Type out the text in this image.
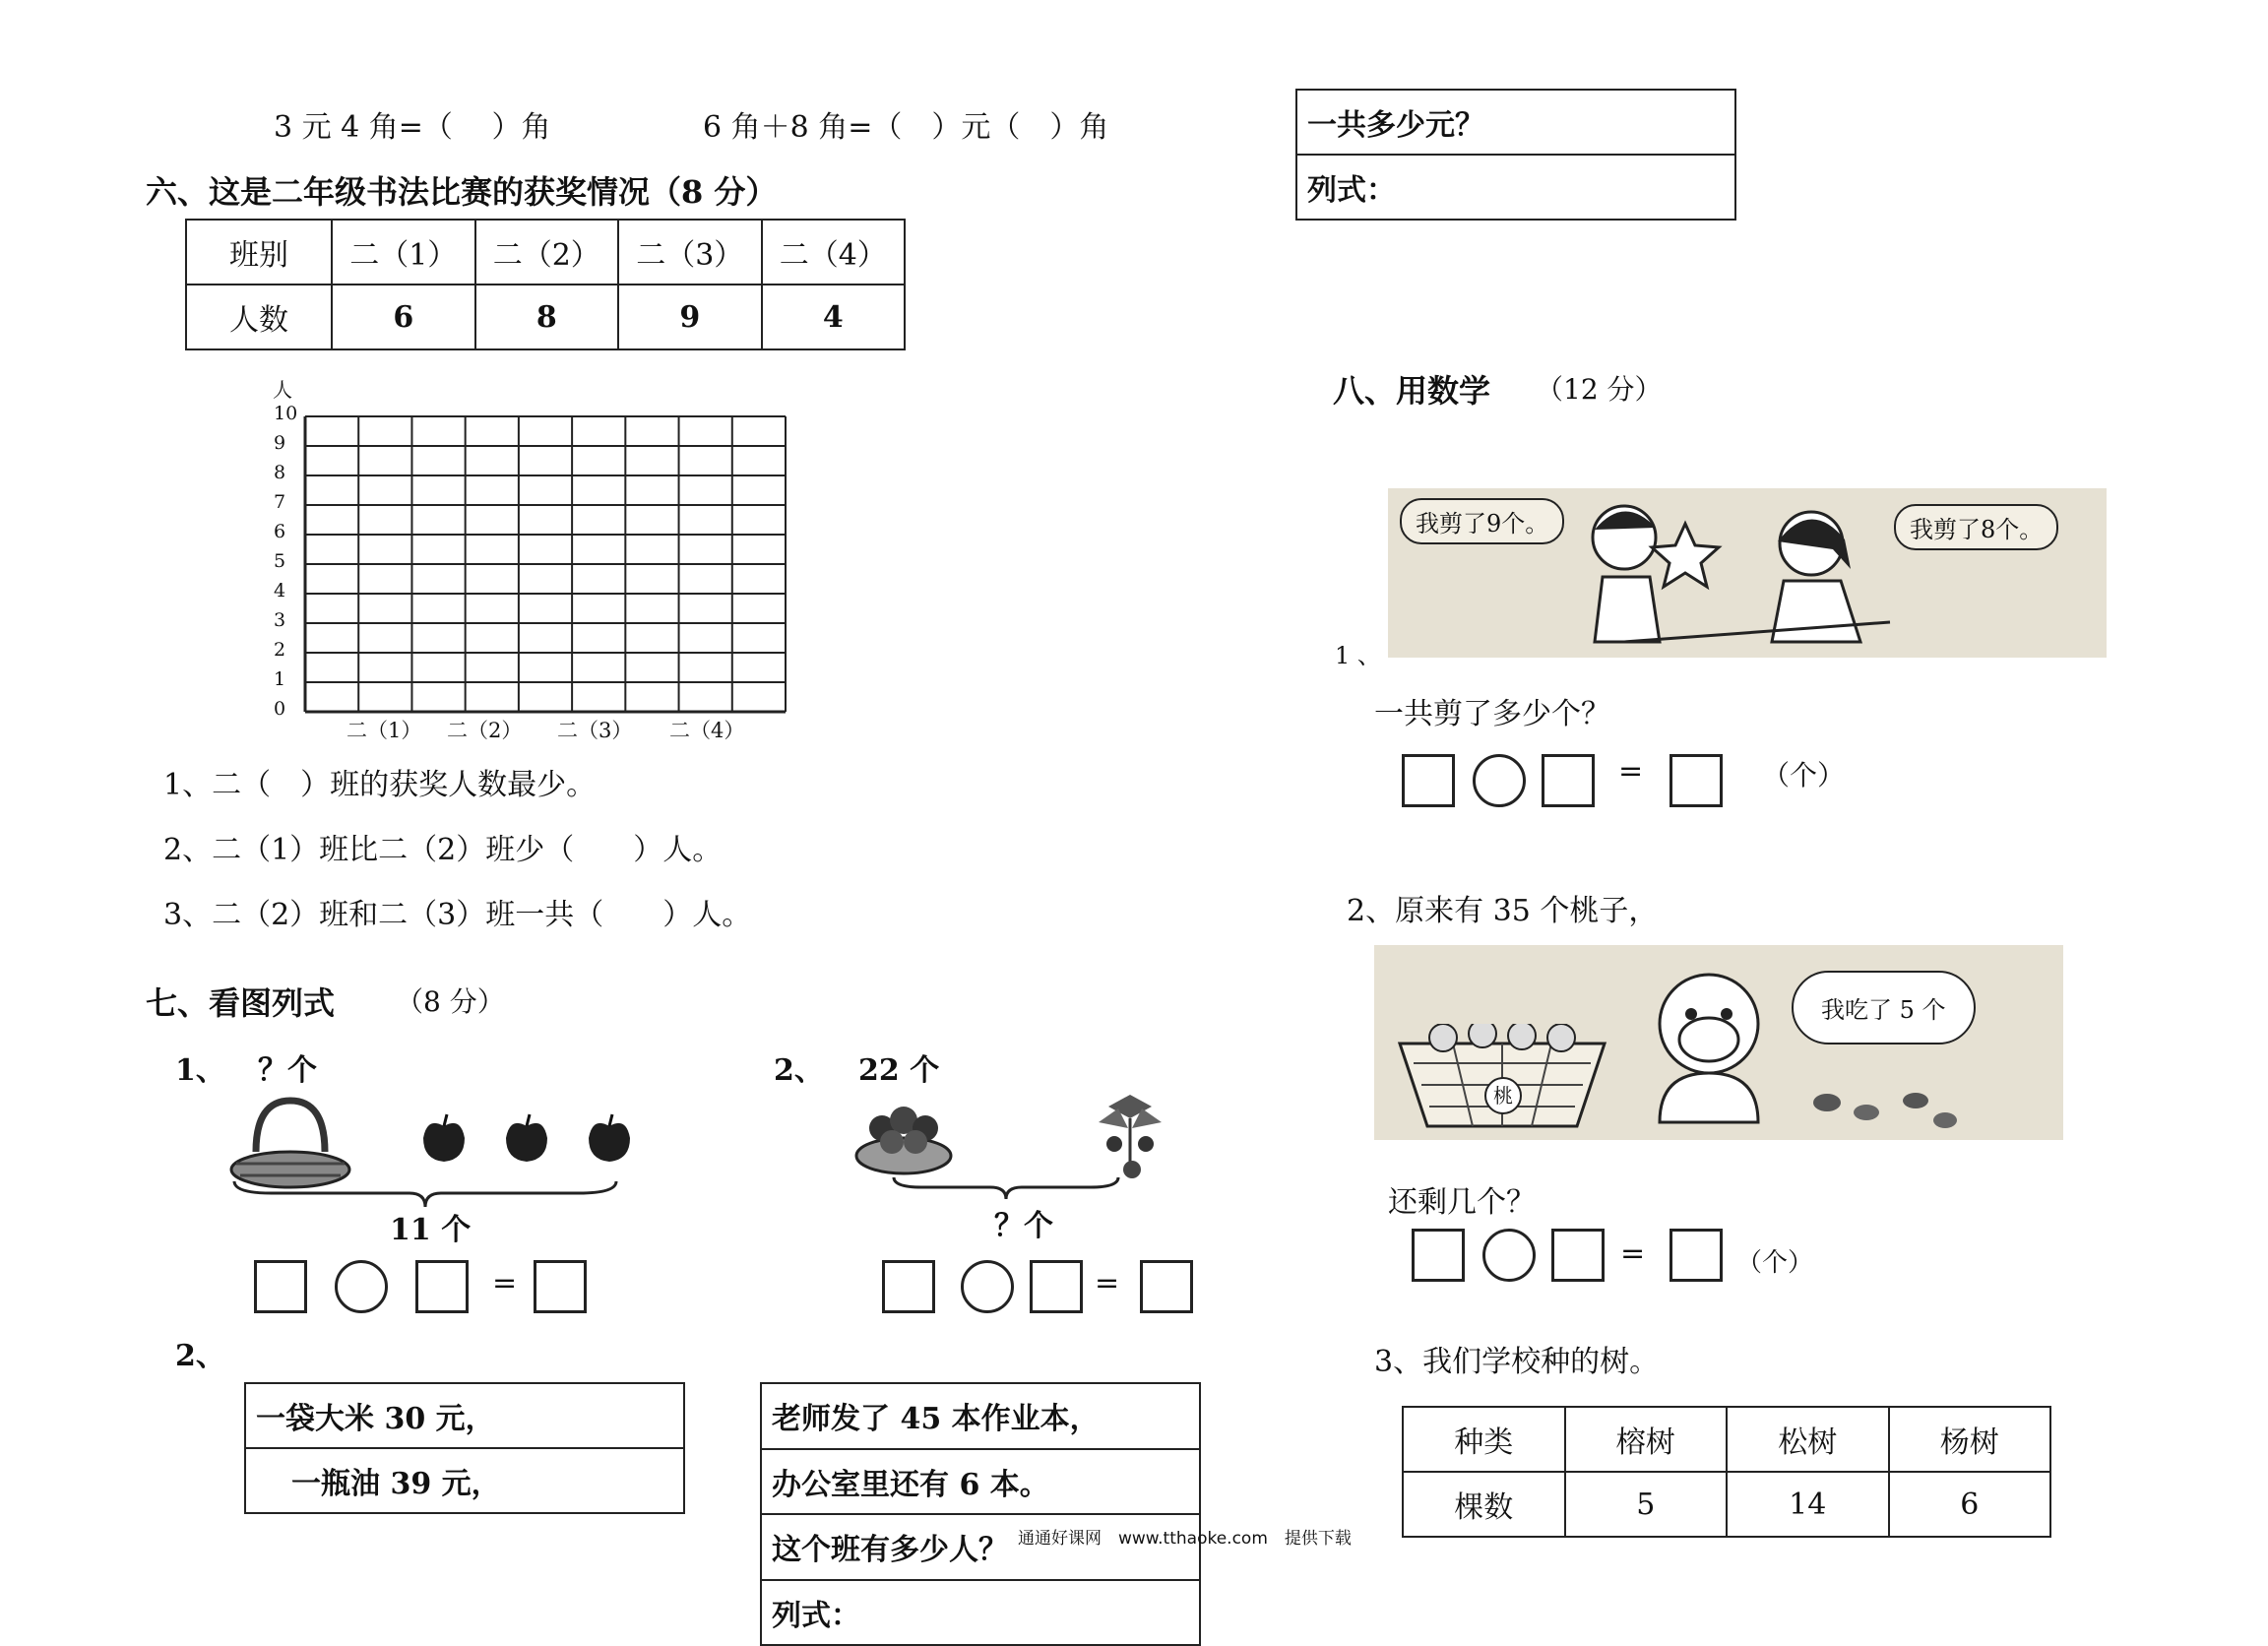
3 元 4 角=（　 ）角	6 角＋8 角=（　）元（　）角
六、这是二年级书法比赛的获奖情况（8 分）
班别	二（1）	二（2）	二（3）	二（4）
人数	6	8	9	4
人
10
9
8
7
6
5
4
3
2
1
0
二（1） 二（2） 二（3） 二（4）
1、二（　）班的获奖人数最少。
2、二（1）班比二（2）班少（　　）人。
3、二（2）班和二（3）班一共（　　）人。
七、看图列式 （8 分）
1、 ？个
11 个
=
2、 22 个
？个
=
2、
一袋大米 30 元，
一瓶油 39 元，
老师发了 45 本作业本，
办公室里还有 6 本。
这个班有多少人？
列式：
一共多少元？
列式：
八、用数学 （12 分）
1 、
我剪了9个。	我剪了8个。
一共剪了多少个？
=	（个）
2、原来有 35 个桃子，
桃
我吃了 5 个
还剩几个？
=	（个）
3、我们学校种的树。
种类	榕树	松树	杨树
棵数	5	14	6
通通好课网　www.tthaoke.com　提供下载
